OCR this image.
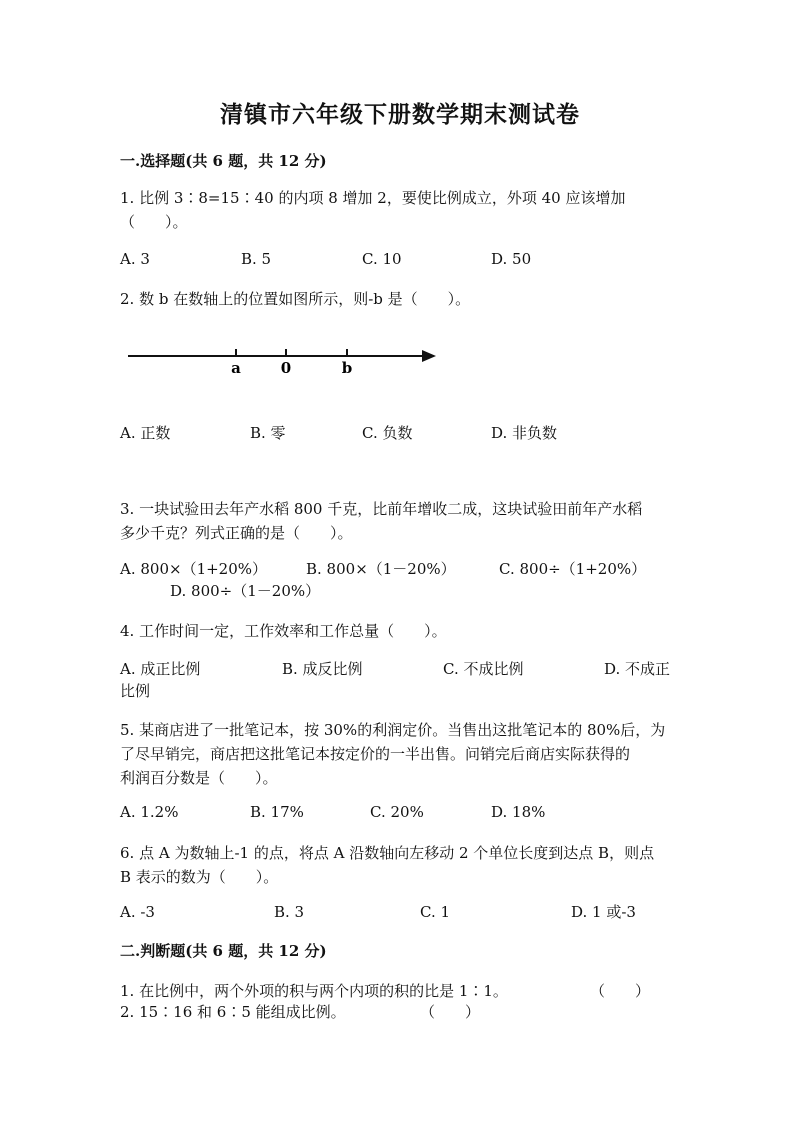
清镇市六年级下册数学期末测试卷
一.选择题(共 6 题，共 12 分)
1. 比例 3∶8=15∶40 的内项 8 增加 2，要使比例成立，外项 40 应该增加
（　　）。
A. 3	B. 5	C. 10	D. 50
2. 数 b 在数轴上的位置如图所示，则-b 是（　　）。
a	0	b
A. 正数	B. 零	C. 负数	D. 非负数
3. 一块试验田去年产水稻 800 千克，比前年增收二成，这块试验田前年产水稻
多少千克？列式正确的是（　　）。
A. 800×（1+20%）	B. 800×（1－20%）	C. 800÷（1+20%）
D. 800÷（1－20%）
4. 工作时间一定，工作效率和工作总量（　　）。
A. 成正比例	B. 成反比例	C. 不成比例	D. 不成正
比例
5. 某商店进了一批笔记本，按 30%的利润定价。当售出这批笔记本的 80%后，为
了尽早销完，商店把这批笔记本按定价的一半出售。问销完后商店实际获得的
利润百分数是（　　）。
A. 1.2%	B. 17%	C. 20%	D. 18%
6. 点 A 为数轴上-1 的点，将点 A 沿数轴向左移动 2 个单位长度到达点 B，则点
B 表示的数为（　　）。
A. -3	B. 3	C. 1	D. 1 或-3
二.判断题(共 6 题，共 12 分)
1. 在比例中，两个外项的积与两个内项的积的比是 1∶1。	（　　）
2. 15∶16 和 6∶5 能组成比例。	（　　）
